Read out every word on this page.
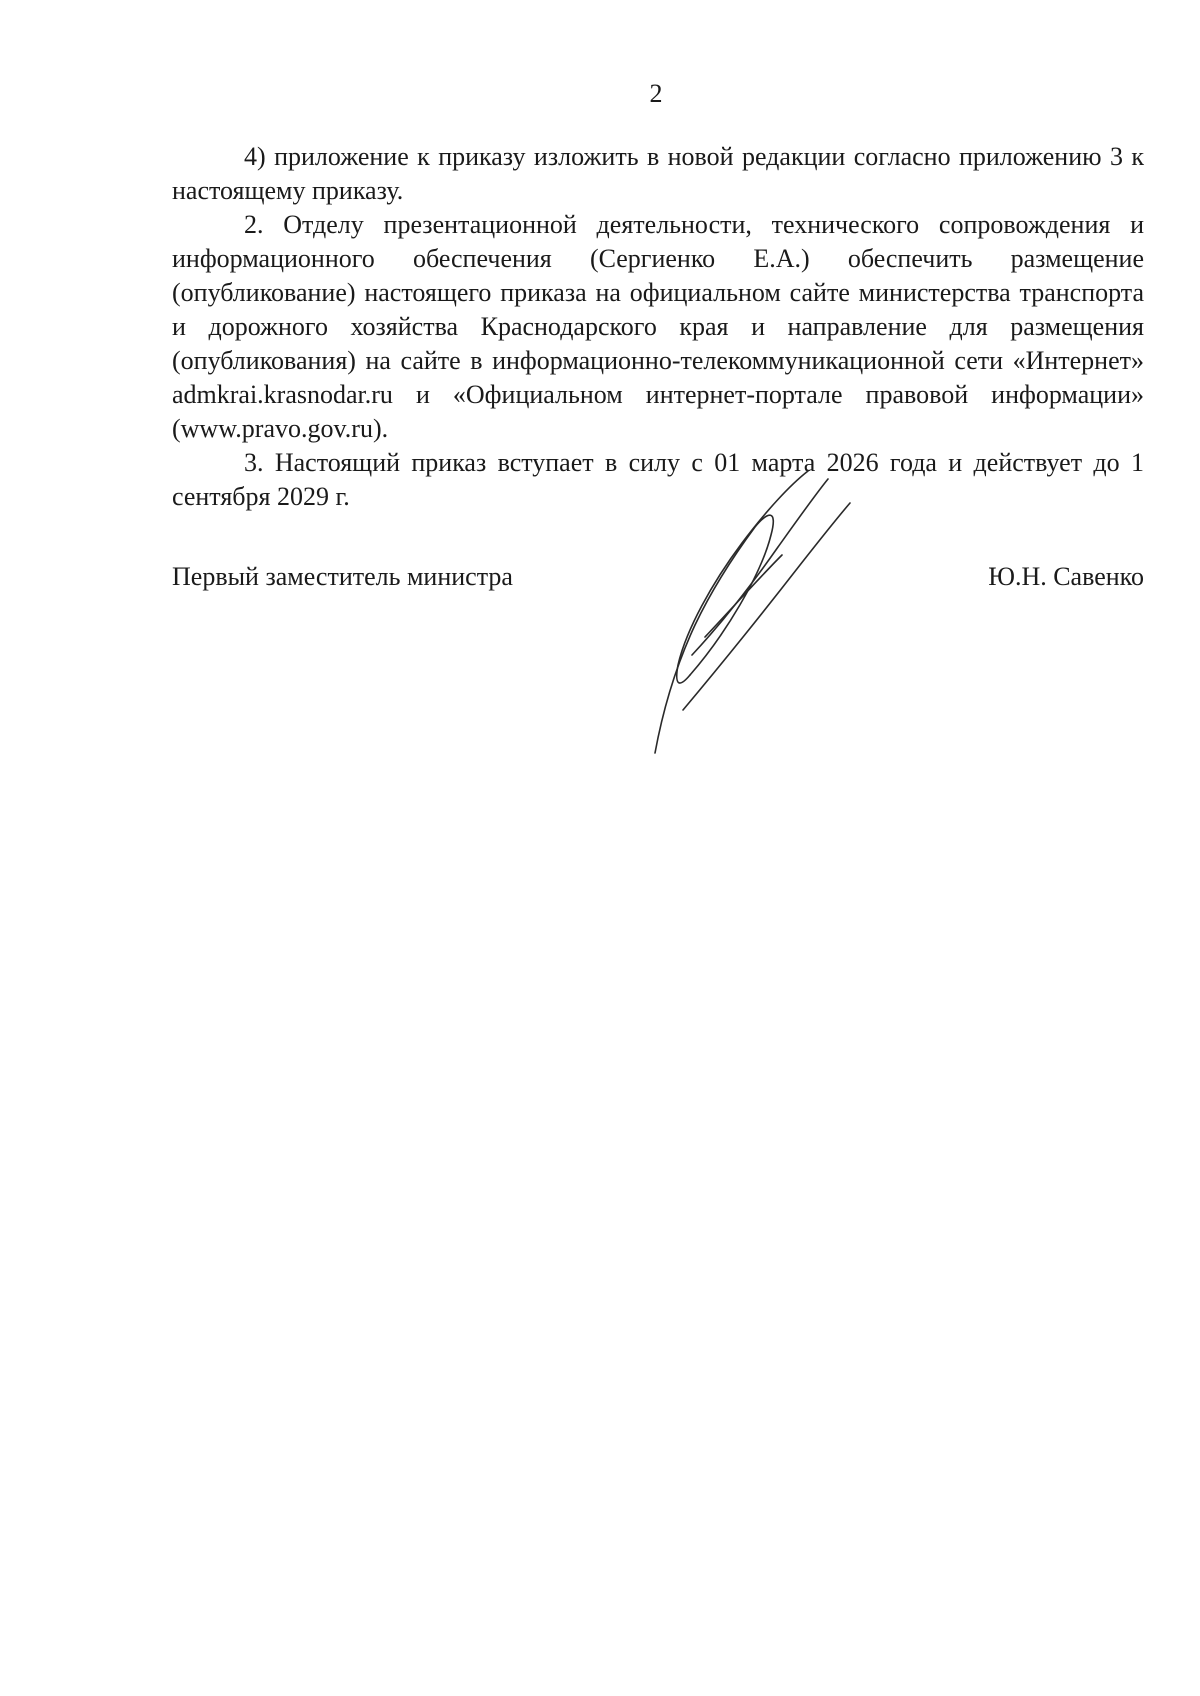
2

4) приложение к приказу изложить в новой редакции согласно приложению 3 к настоящему приказу.

2. Отделу презентационной деятельности, технического сопровождения и информационного обеспечения (Сергиенко Е.А.) обеспечить размещение (опубликование) настоящего приказа на официальном сайте министерства транспорта и дорожного хозяйства Краснодарского края и направление для размещения (опубликования) на сайте в информационно-телекоммуникационной сети «Интернет» admkrai.krasnodar.ru и «Официальном интернет-портале правовой информации» (www.pravo.gov.ru).

3. Настоящий приказ вступает в силу с 01 марта 2026 года и действует до 1 сентября 2029 г.

Первый заместитель министра	Ю.Н. Савенко
